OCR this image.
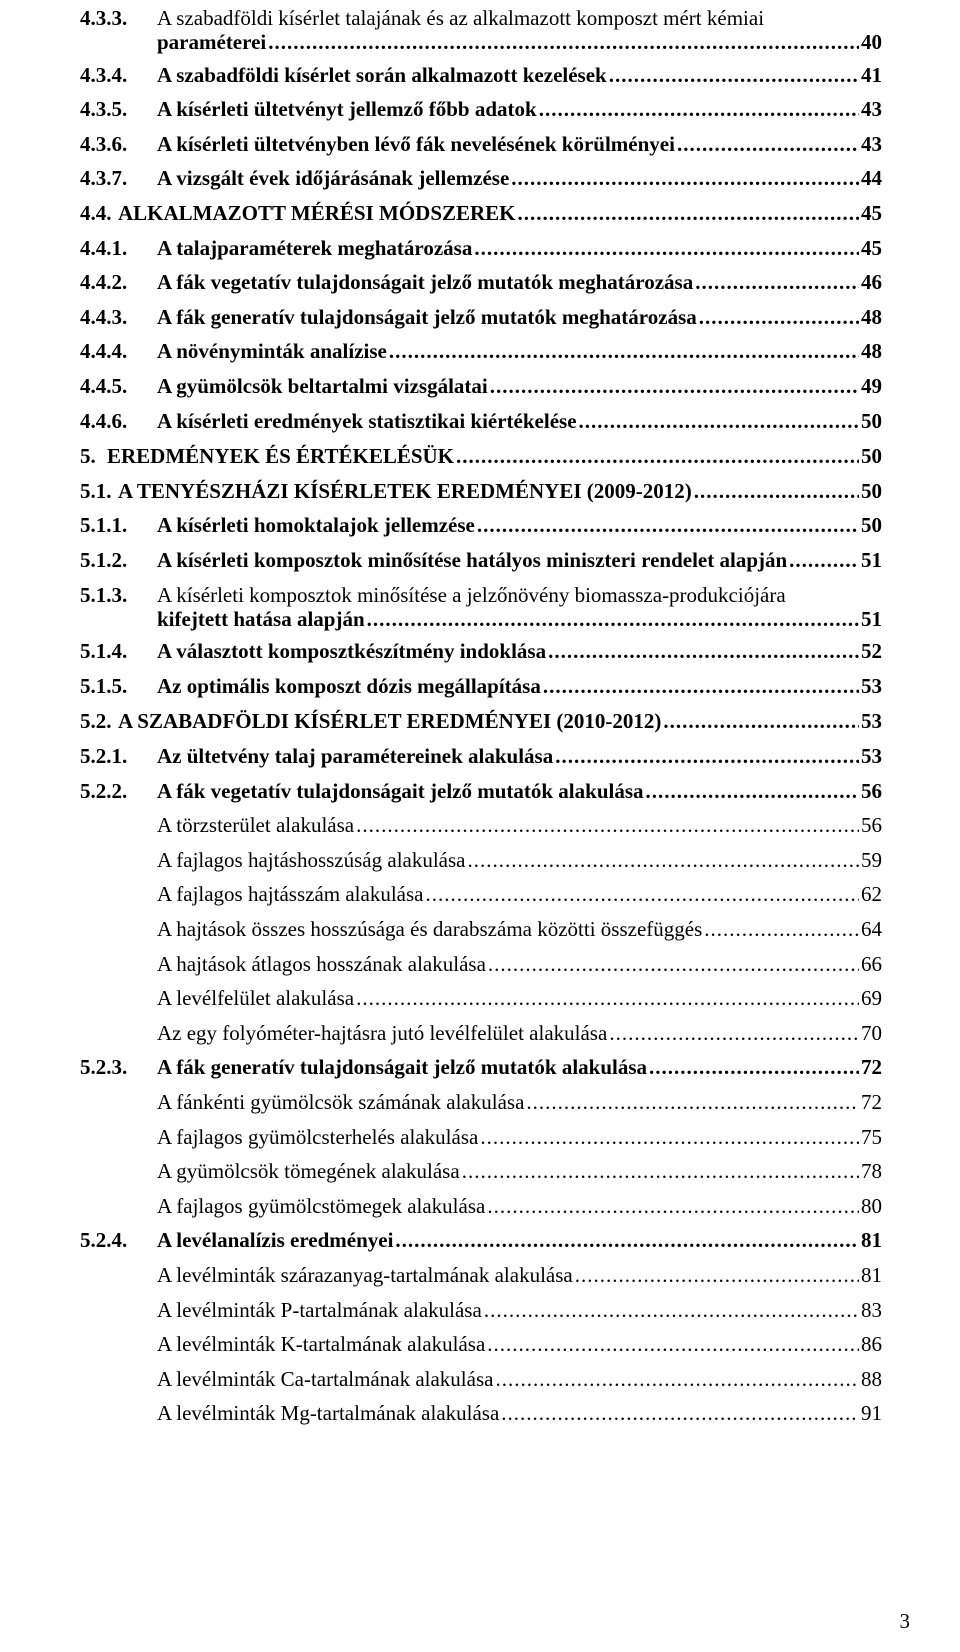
4.3.3. A szabadföldi kísérlet talajának és az alkalmazott komposzt mért kémiai
paraméterei .....	40
4.3.4. A szabadföldi kísérlet során alkalmazott kezelések .....	41
4.3.5. A kísérleti ültetvényt jellemző főbb adatok .....	43
4.3.6. A kísérleti ültetvényben lévő fák nevelésének körülményei .....	43
4.3.7. A vizsgált évek időjárásának jellemzése .....	44
4.4. ALKALMAZOTT MÉRÉSI MÓDSZEREK .....	45
4.4.1. A talajparaméterek meghatározása .....	45
4.4.2. A fák vegetatív tulajdonságait jelző mutatók meghatározása .....	46
4.4.3. A fák generatív tulajdonságait jelző mutatók meghatározása .....	48
4.4.4. A növényminták analízise .....	48
4.4.5. A gyümölcsök beltartalmi vizsgálatai .....	49
4.4.6. A kísérleti eredmények statisztikai kiértékelése .....	50
5. EREDMÉNYEK ÉS ÉRTÉKELÉSÜK .....	50
5.1. A TENYÉSZHÁZI KÍSÉRLETEK EREDMÉNYEI (2009-2012) .....	50
5.1.1. A kísérleti homoktalajok jellemzése .....	50
5.1.2. A kísérleti komposztok minősítése hatályos miniszteri rendelet alapján .....	51
5.1.3. A kísérleti komposztok minősítése a jelzőnövény biomassza-produkciójára
kifejtett hatása alapján .....	51
5.1.4. A választott komposztkészítmény indoklása .....	52
5.1.5. Az optimális komposzt dózis megállapítása .....	53
5.2. A SZABADFÖLDI KÍSÉRLET EREDMÉNYEI (2010-2012) .....	53
5.2.1. Az ültetvény talaj paramétereinek alakulása .....	53
5.2.2. A fák vegetatív tulajdonságait jelző mutatók alakulása .....	56
A törzsterület alakulása .....	56
A fajlagos hajtáshosszúság alakulása .....	59
A fajlagos hajtásszám alakulása .....	62
A hajtások összes hosszúsága és darabszáma közötti összefüggés .....	64
A hajtások átlagos hosszának alakulása .....	66
A levélfelület alakulása .....	69
Az egy folyóméter-hajtásra jutó levélfelület alakulása .....	70
5.2.3. A fák generatív tulajdonságait jelző mutatók alakulása .....	72
A fánkénti gyümölcsök számának alakulása .....	72
A fajlagos gyümölcsterhelés alakulása .....	75
A gyümölcsök tömegének alakulása .....	78
A fajlagos gyümölcstömegek alakulása .....	80
5.2.4. A levélanalízis eredményei .....	81
A levélminták szárazanyag-tartalmának alakulása .....	81
A levélminták P-tartalmának alakulása .....	83
A levélminták K-tartalmának alakulása .....	86
A levélminták Ca-tartalmának alakulása .....	88
A levélminták Mg-tartalmának alakulása .....	91
3
